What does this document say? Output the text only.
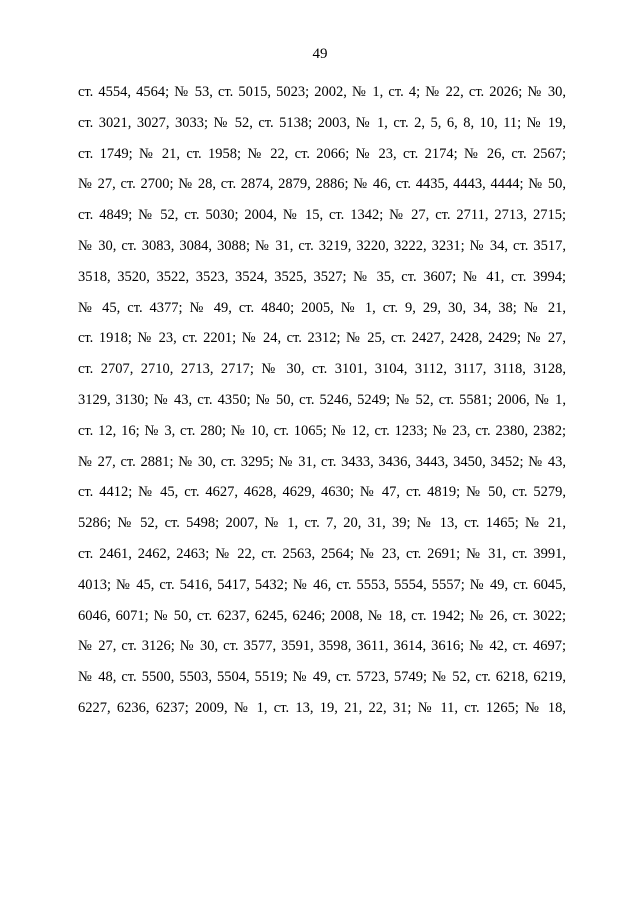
49
ст. 4554, 4564; № 53, ст. 5015, 5023; 2002, № 1, ст. 4; № 22, ст. 2026; № 30,
ст. 3021, 3027, 3033; № 52, ст. 5138; 2003, № 1, ст. 2, 5, 6, 8, 10, 11; № 19,
ст. 1749; № 21, ст. 1958; № 22, ст. 2066; № 23, ст. 2174; № 26, ст. 2567;
№ 27, ст. 2700; № 28, ст. 2874, 2879, 2886; № 46, ст. 4435, 4443, 4444; № 50,
ст. 4849; № 52, ст. 5030; 2004, № 15, ст. 1342; № 27, ст. 2711, 2713, 2715;
№ 30, ст. 3083, 3084, 3088; № 31, ст. 3219, 3220, 3222, 3231; № 34, ст. 3517,
3518, 3520, 3522, 3523, 3524, 3525, 3527; № 35, ст. 3607; № 41, ст. 3994;
№ 45, ст. 4377; № 49, ст. 4840; 2005, № 1, ст. 9, 29, 30, 34, 38; № 21,
ст. 1918; № 23, ст. 2201; № 24, ст. 2312; № 25, ст. 2427, 2428, 2429; № 27,
ст. 2707, 2710, 2713, 2717; № 30, ст. 3101, 3104, 3112, 3117, 3118, 3128,
3129, 3130; № 43, ст. 4350; № 50, ст. 5246, 5249; № 52, ст. 5581; 2006, № 1,
ст. 12, 16; № 3, ст. 280; № 10, ст. 1065; № 12, ст. 1233; № 23, ст. 2380, 2382;
№ 27, ст. 2881; № 30, ст. 3295; № 31, ст. 3433, 3436, 3443, 3450, 3452; № 43,
ст. 4412; № 45, ст. 4627, 4628, 4629, 4630; № 47, ст. 4819; № 50, ст. 5279,
5286; № 52, ст. 5498; 2007, № 1, ст. 7, 20, 31, 39; № 13, ст. 1465; № 21,
ст. 2461, 2462, 2463; № 22, ст. 2563, 2564; № 23, ст. 2691; № 31, ст. 3991,
4013; № 45, ст. 5416, 5417, 5432; № 46, ст. 5553, 5554, 5557; № 49, ст. 6045,
6046, 6071; № 50, ст. 6237, 6245, 6246; 2008, № 18, ст. 1942; № 26, ст. 3022;
№ 27, ст. 3126; № 30, ст. 3577, 3591, 3598, 3611, 3614, 3616; № 42, ст. 4697;
№ 48, ст. 5500, 5503, 5504, 5519; № 49, ст. 5723, 5749; № 52, ст. 6218, 6219,
6227, 6236, 6237; 2009, № 1, ст. 13, 19, 21, 22, 31; № 11, ст. 1265; № 18,
